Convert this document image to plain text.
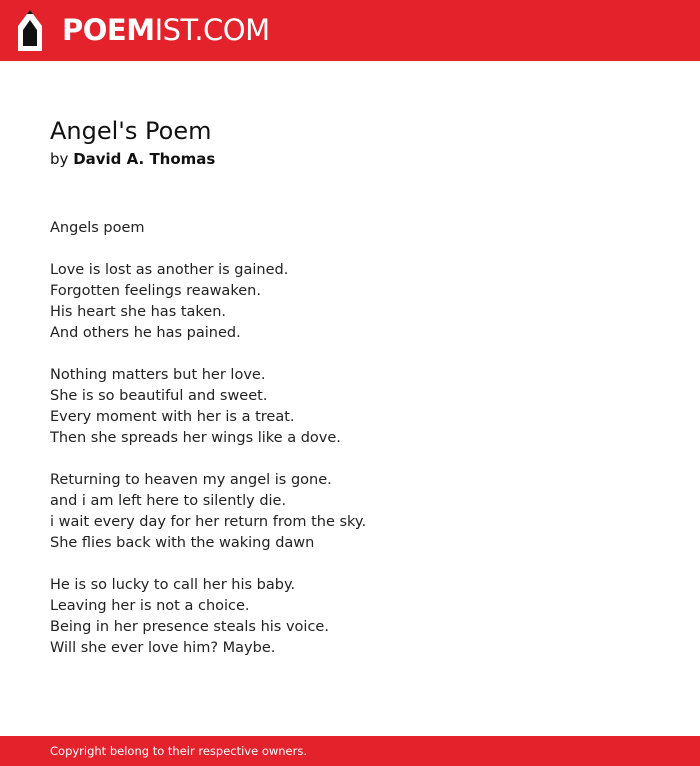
POEM IST.COM
Angel's Poem
by David A. Thomas
Angels poem
Love is lost as another is gained.
Forgotten feelings reawaken.
His heart she has taken.
And others he has pained.
Nothing matters but her love.
She is so beautiful and sweet.
Every moment with her is a treat.
Then she spreads her wings like a dove.
Returning to heaven my angel is gone.
and i am left here to silently die.
i wait every day for her return from the sky.
She flies back with the waking dawn
He is so lucky to call her his baby.
Leaving her is not a choice.
Being in her presence steals his voice.
Will she ever love him? Maybe.
Copyright belong to their respective owners.
